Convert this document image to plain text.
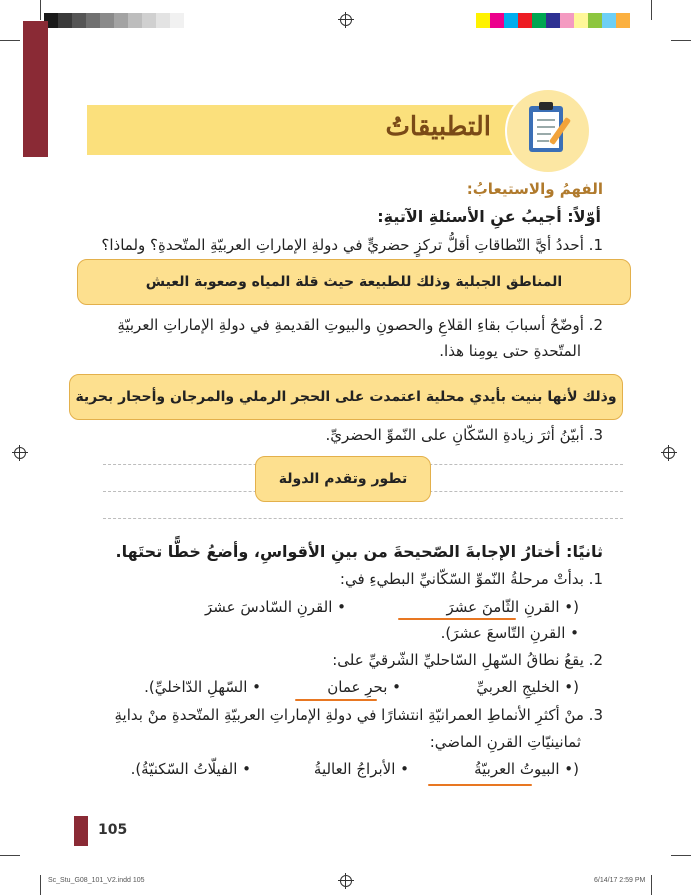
التطبيقاتُ
الفهمُ والاستيعابُ:
أوّلاً: أجيبُ عنِ الأسئلةِ الآتيةِ:
1. أحددُ أيَّ النّطاقاتِ أقلُّ تركزٍ حضريٍّ في دولةِ الإماراتِ العربيّةِ المتّحدةِ؟ ولماذا؟
المناطق الجبلية وذلك للطبيعة حيث قلة المياه وصعوبة العيش
2. أوضّحُ أسبابَ بقاءِ القلاعِ والحصونِ والبيوتِ القديمةِ في دولةِ الإماراتِ العربيّةِ
المتّحدةِ حتى يومِنا هذا.
وذلك لأنها بنيت بأيدي محلية اعتمدت على الحجر الرملي والمرجان وأحجار بحرية
3. أبيّنُ أثرَ زيادةِ السّكّانِ على النّموِّ الحضريِّ.
تطور وتقدم الدولة
ثانيًا: أختارُ الإجابةَ الصّحيحةَ من بينِ الأقواسِ، وأضعُ خطًّا تحتَها.
1. بدأتْ مرحلةُ النّموِّ السّكّانيِّ البطيءِ في:
(• القرنِ الثّامنَ عشرَ
• القرنِ السّادسَ عشرَ
• القرنِ التّاسعَ عشرَ).
2. يقعُ نطاقُ السّهلِ السّاحليِّ الشّرقيِّ على:
(• الخليجِ العربيِّ
• بحرِ عمان
• السّهلِ الدّاخليِّ).
3. منْ أكثرِ الأنماطِ العمرانيّةِ انتشارًا في دولةِ الإماراتِ العربيّةِ المتّحدةِ منْ بدايةِ
ثمانينيّاتِ القرنِ الماضي:
(• البيوتُ العربيّةُ
• الأبراجُ العاليةُ
• الفيلّاتُ السّكنيّةُ).
105
Sc_Stu_G08_101_V2.indd 105	6/14/17 2:59 PM
